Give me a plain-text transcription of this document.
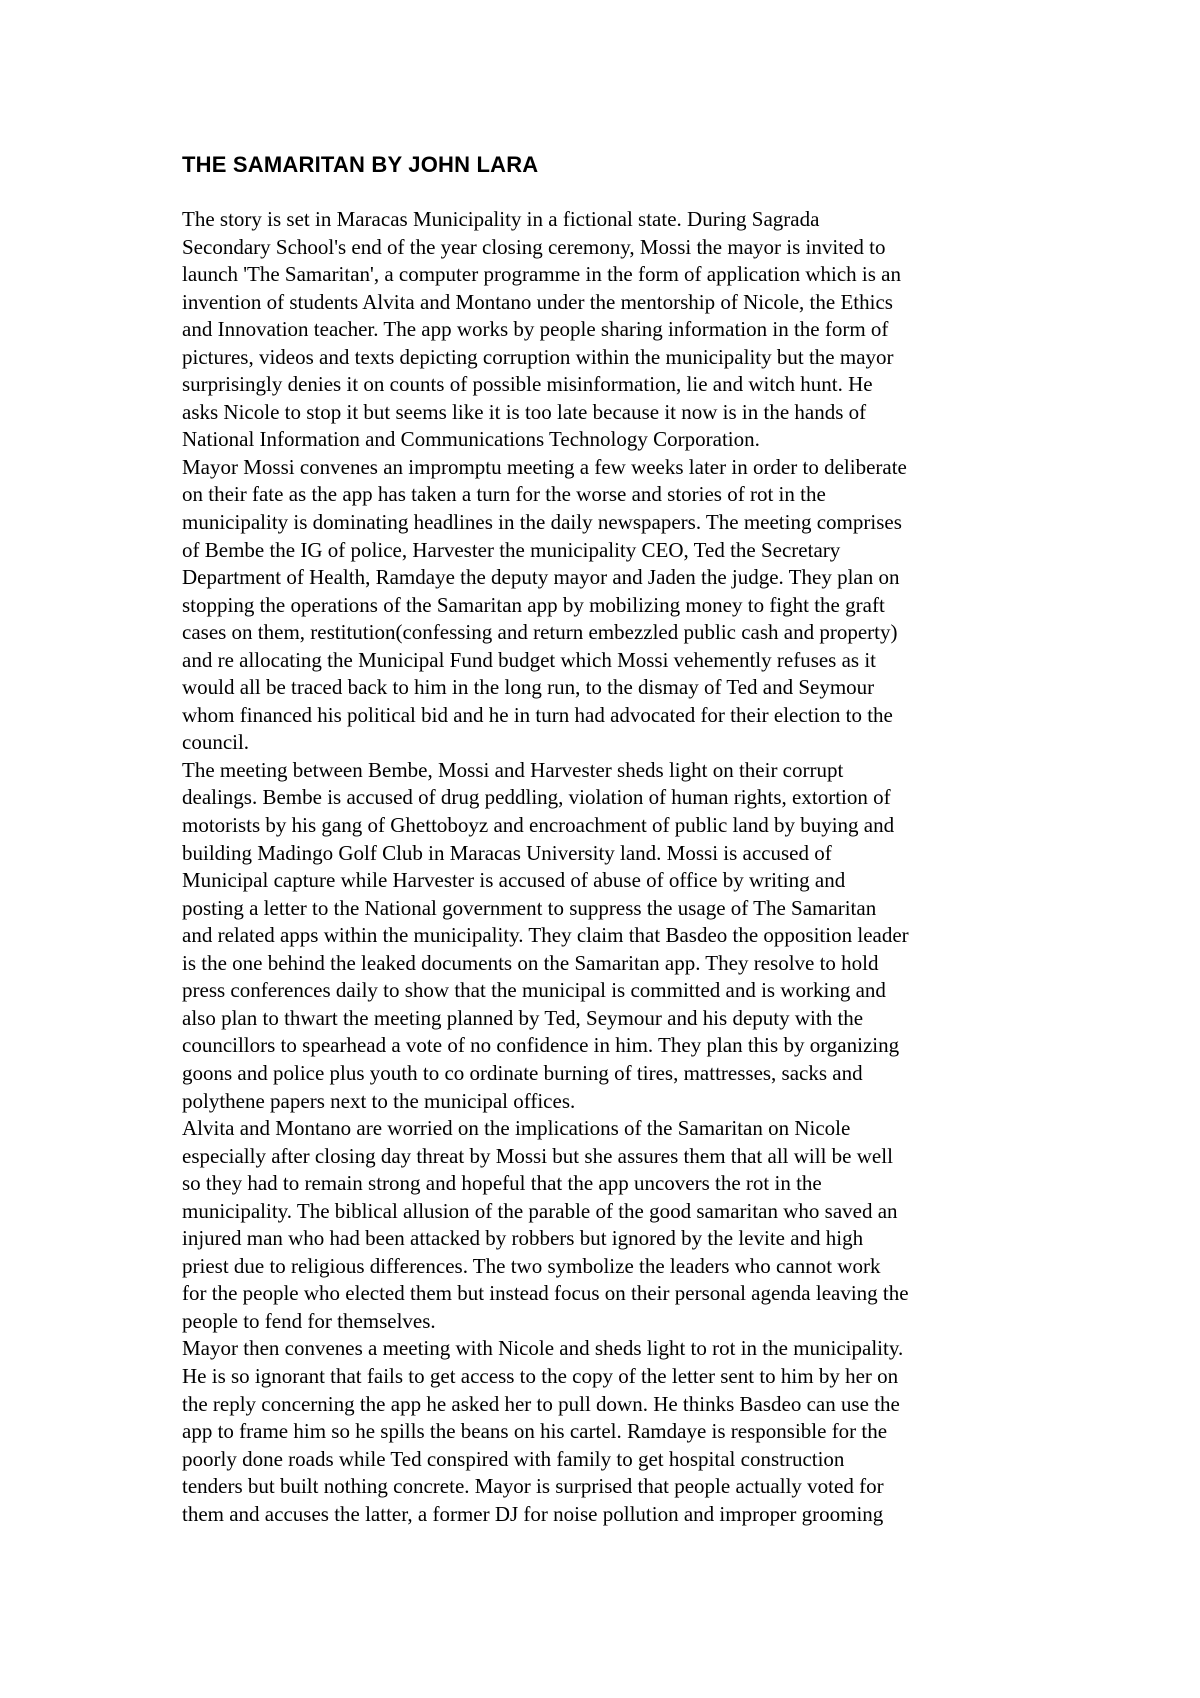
THE SAMARITAN BY JOHN LARA
The story is set in Maracas Municipality in a fictional state. During Sagrada
Secondary School's end of the year closing ceremony, Mossi the mayor is invited to
launch 'The Samaritan', a computer programme in the form of application which is an
invention of students Alvita and Montano under the mentorship of Nicole, the Ethics
and Innovation teacher. The app works by people sharing information in the form of
pictures, videos and texts depicting corruption within the municipality but the mayor
surprisingly denies it on counts of possible misinformation, lie and witch hunt. He
asks Nicole to stop it but seems like it is too late because it now is in the hands of
National Information and Communications Technology Corporation.
Mayor Mossi convenes an impromptu meeting a few weeks later in order to deliberate
on their fate as the app has taken a turn for the worse and stories of rot in the
municipality is dominating headlines in the daily newspapers. The meeting comprises
of Bembe the IG of police, Harvester the municipality CEO, Ted the Secretary
Department of Health, Ramdaye the deputy mayor and Jaden the judge. They plan on
stopping the operations of the Samaritan app by mobilizing money to fight the graft
cases on them, restitution(confessing and return embezzled public cash and property)
and re allocating the Municipal Fund budget which Mossi vehemently refuses as it
would all be traced back to him in the long run, to the dismay of Ted and Seymour
whom financed his political bid and he in turn had advocated for their election to the
council.
The meeting between Bembe, Mossi and Harvester sheds light on their corrupt
dealings. Bembe is accused of drug peddling, violation of human rights, extortion of
motorists by his gang of Ghettoboyz and encroachment of public land by buying and
building Madingo Golf Club in Maracas University land. Mossi is accused of
Municipal capture while Harvester is accused of abuse of office by writing and
posting a letter to the National government to suppress the usage of The Samaritan
and related apps within the municipality. They claim that Basdeo the opposition leader
is the one behind the leaked documents on the Samaritan app. They resolve to hold
press conferences daily to show that the municipal is committed and is working and
also plan to thwart the meeting planned by Ted, Seymour and his deputy with the
councillors to spearhead a vote of no confidence in him. They plan this by organizing
goons and police plus youth to co ordinate burning of tires, mattresses, sacks and
polythene papers next to the municipal offices.
Alvita and Montano are worried on the implications of the Samaritan on Nicole
especially after closing day threat by Mossi but she assures them that all will be well
so they had to remain strong and hopeful that the app uncovers the rot in the
municipality. The biblical allusion of the parable of the good samaritan who saved an
injured man who had been attacked by robbers but ignored by the levite and high
priest due to religious differences. The two symbolize the leaders who cannot work
for the people who elected them but instead focus on their personal agenda leaving the
people to fend for themselves.
Mayor then convenes a meeting with Nicole and sheds light to rot in the municipality.
He is so ignorant that fails to get access to the copy of the letter sent to him by her on
the reply concerning the app he asked her to pull down. He thinks Basdeo can use the
app to frame him so he spills the beans on his cartel. Ramdaye is responsible for the
poorly done roads while Ted conspired with family to get hospital construction
tenders but built nothing concrete. Mayor is surprised that people actually voted for
them and accuses the latter, a former DJ for noise pollution and improper grooming
